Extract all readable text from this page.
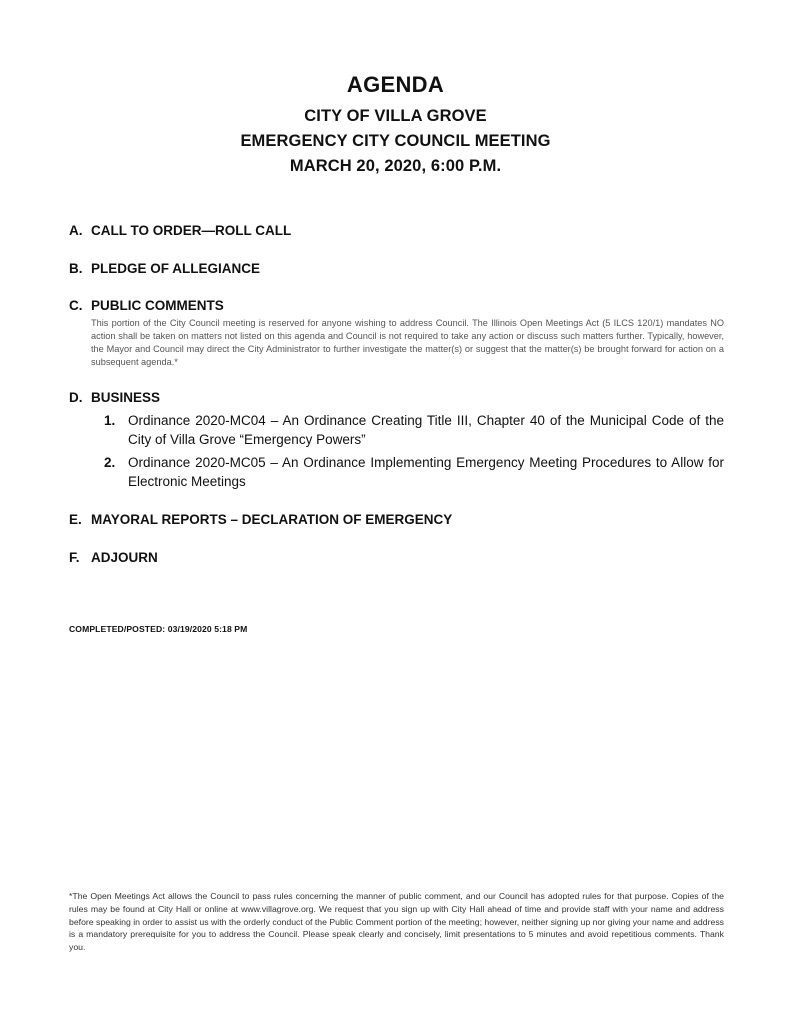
AGENDA
CITY OF VILLA GROVE
EMERGENCY CITY COUNCIL MEETING
MARCH 20, 2020, 6:00 P.M.
A. CALL TO ORDER—ROLL CALL
B. PLEDGE OF ALLEGIANCE
C. PUBLIC COMMENTS
This portion of the City Council meeting is reserved for anyone wishing to address Council. The Illinois Open Meetings Act (5 ILCS 120/1) mandates NO action shall be taken on matters not listed on this agenda and Council is not required to take any action or discuss such matters further. Typically, however, the Mayor and Council may direct the City Administrator to further investigate the matter(s) or suggest that the matter(s) be brought forward for action on a subsequent agenda.*
D. BUSINESS
1. Ordinance 2020-MC04 – An Ordinance Creating Title III, Chapter 40 of the Municipal Code of the City of Villa Grove “Emergency Powers”
2. Ordinance 2020-MC05 – An Ordinance Implementing Emergency Meeting Procedures to Allow for Electronic Meetings
E. MAYORAL REPORTS – DECLARATION OF EMERGENCY
F. ADJOURN
COMPLETED/POSTED: 03/19/2020 5:18 PM
*The Open Meetings Act allows the Council to pass rules concerning the manner of public comment, and our Council has adopted rules for that purpose. Copies of the rules may be found at City Hall or online at www.villagrove.org. We request that you sign up with City Hall ahead of time and provide staff with your name and address before speaking in order to assist us with the orderly conduct of the Public Comment portion of the meeting; however, neither signing up nor giving your name and address is a mandatory prerequisite for you to address the Council. Please speak clearly and concisely, limit presentations to 5 minutes and avoid repetitious comments. Thank you.
